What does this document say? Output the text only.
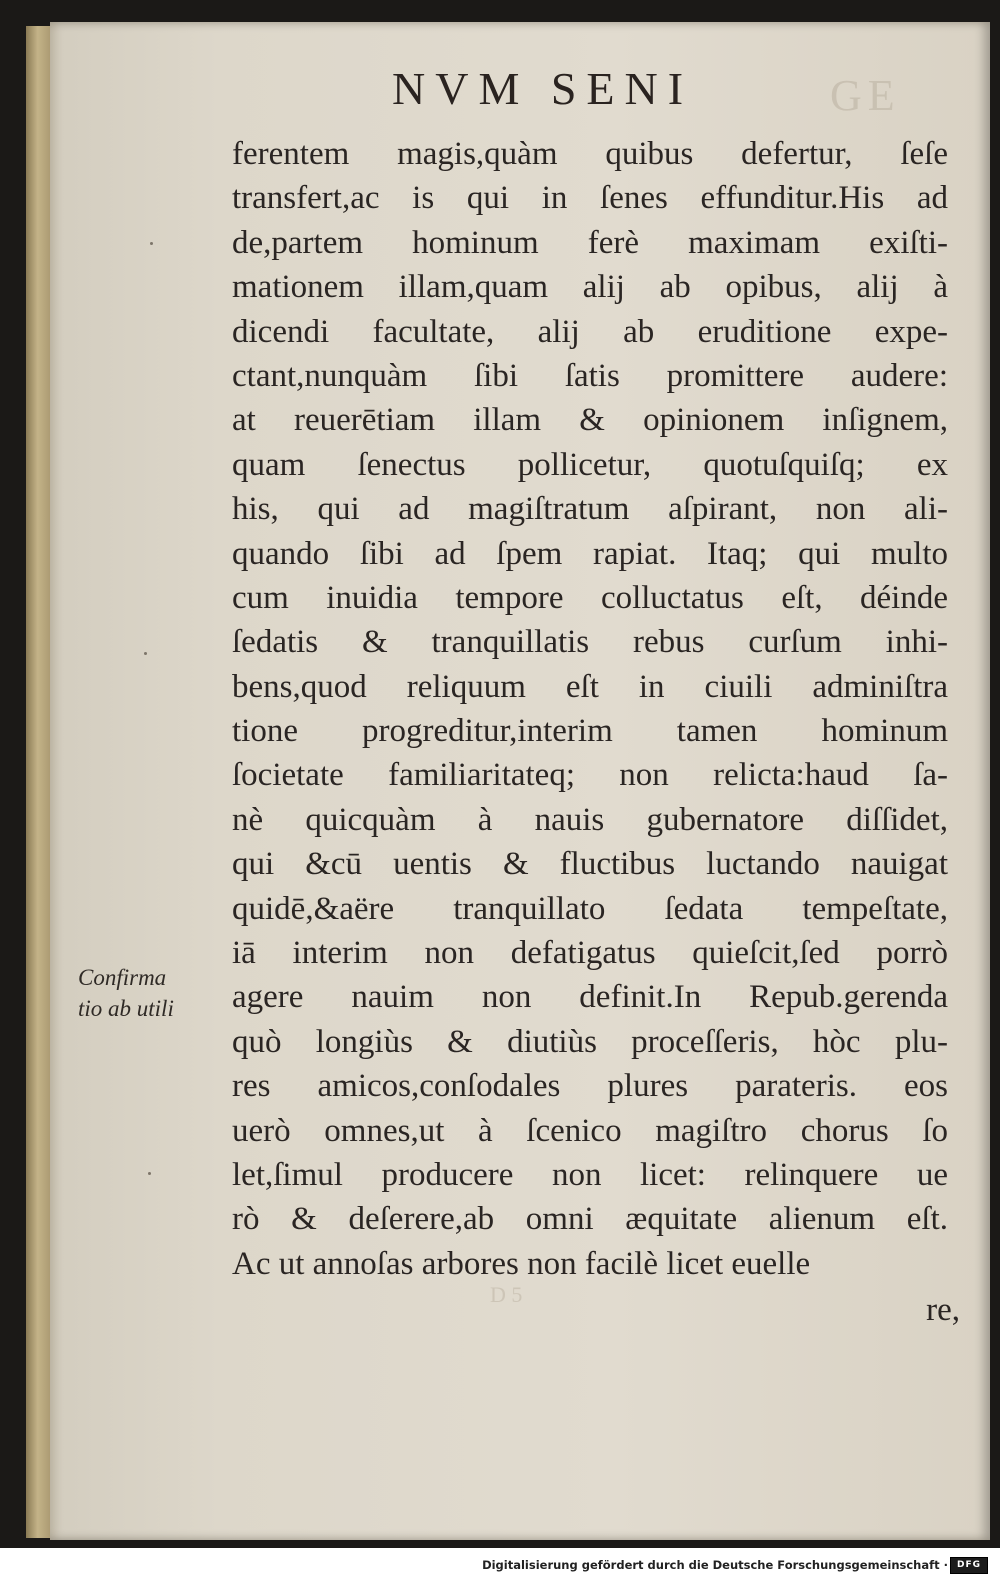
NVM SENI	GE
Confirma
tio ab utili
ferentem magis,quàm quibus defertur, ſeſe
transfert,ac is qui in ſenes effunditur.His ad
de,partem hominum ferè maximam exiſti-
mationem illam,quam alij ab opibus, alij à
dicendi facultate, alij ab eruditione expe-
ctant,nunquàm ſibi ſatis promittere audere:
at reuerētiam illam & opinionem inſignem,
quam ſenectus pollicetur, quotuſquiſq; ex
his, qui ad magiſtratum aſpirant, non ali-
quando ſibi ad ſpem rapiat. Itaq; qui multo
cum inuidia tempore colluctatus eſt, déinde
ſedatis & tranquillatis rebus curſum inhi-
bens,quod reliquum eſt in ciuili adminiſtra
tione progreditur,interim tamen hominum
ſocietate familiaritateq; non relicta:haud ſa-
nè quicquàm à nauis gubernatore diſſidet,
qui &cū uentis & fluctibus luctando nauigat
quidē,&aëre tranquillato ſedata tempeſtate,
iā interim non defatigatus quieſcit,ſed porrò
agere nauim non definit.In Repub.gerenda
quò longiùs & diutiùs proceſſeris, hòc plu-
res amicos,conſodales plures parateris. eos
uerò omnes,ut à ſcenico magiſtro chorus ſo
let,ſimul producere non licet: relinquere ue
rò & deſerere,ab omni æquitate alienum eſt.
Ac ut annoſas arbores non facilè licet euelle
D 5	re,
Digitalisierung gefördert durch die Deutsche Forschungsgemeinschaft · DFG
